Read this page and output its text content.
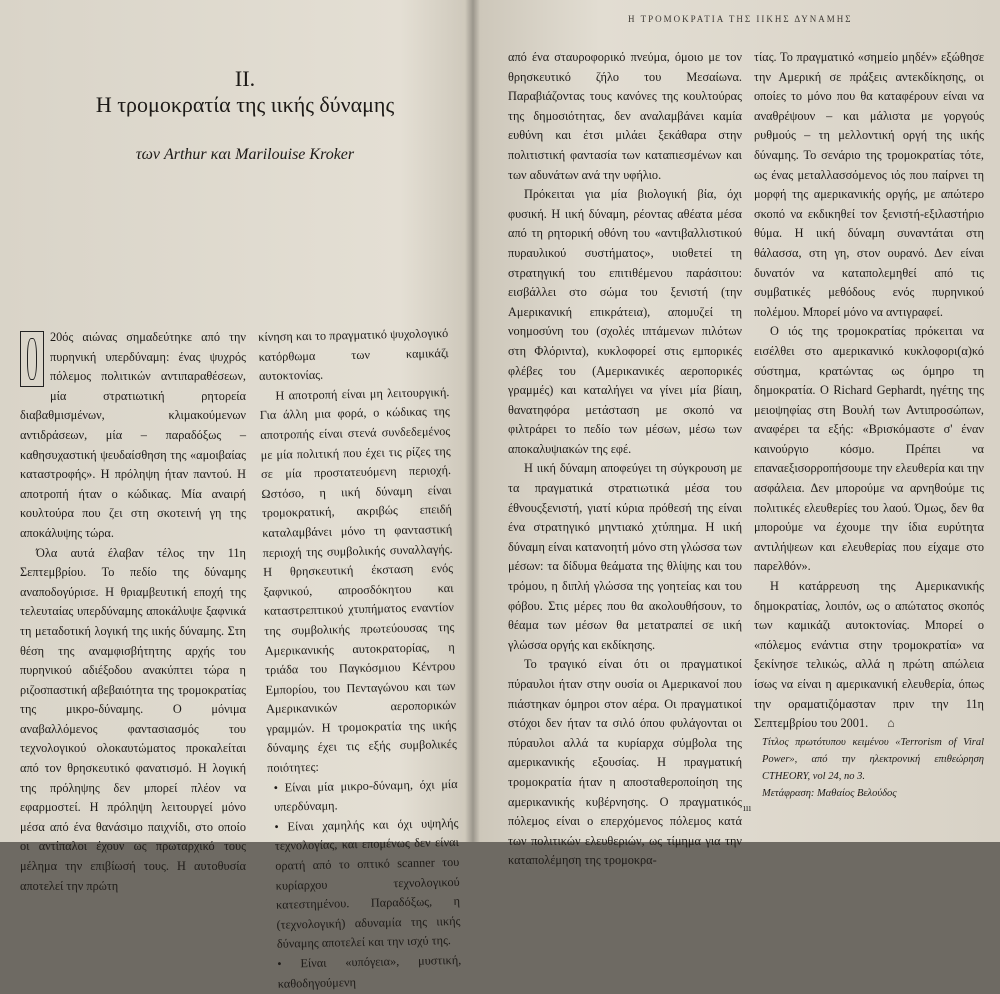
II.
Η τρομοκρατία της ιικής δύναμης
των Arthur και Marilouise Kroker

20ός αιώνας σημαδεύτηκε από την πυρηνική υπερδύναμη: ένας ψυχρός πόλεμος πολιτικών αντιπαραθέσεων, μία στρατιωτική ρητορεία διαβαθμισμένων, κλιμακούμενων αντιδράσεων, μία – παραδόξως – καθησυχαστική ψευδαίσθηση της «αμοιβαίας καταστροφής». Η πρόληψη ήταν παντού. Η αποτροπή ήταν ο κώδικας. Μία αναιρή κουλτούρα που ζει στη σκοτεινή γη της αποκάλυψης τώρα.

Όλα αυτά έλαβαν τέλος την 11η Σεπτεμβρίου. Το πεδίο της δύναμης αναποδογύρισε. Η θριαμβευτική εποχή της τελευταίας υπερδύναμης αποκάλυψε ξαφνικά τη μεταδοτική λογική της ιικής δύναμης. Στη θέση της αναμφισβήτητης αρχής του πυρηνικού αδιέξοδου ανακύπτει τώρα η ριζοσπαστική αβεβαιότητα της τρομοκρατίας της μικρο-δύναμης. Ο μόνιμα αναβαλλόμενος φαντασιασμός του τεχνολογικού ολοκαυτώματος προκαλείται από τον θρησκευτικό φανατισμό. Η λογική της πρόληψης δεν μπορεί πλέον να εφαρμοστεί. Η πρόληψη λειτουργεί μόνο μέσα από ένα θανάσιμο παιχνίδι, στο οποίο οι αντίπαλοι έχουν ως πρωταρχικό τους μέλημα την επιβίωσή τους. Η αυτοθυσία αποτελεί την πρώτη

κίνηση και το πραγματικό ψυχολογικό κατόρθωμα των καμικάζι αυτοκτονίας.

Η αποτροπή είναι μη λειτουργική. Για άλλη μια φορά, ο κώδικας της αποτροπής είναι στενά συνδεδεμένος με μία πολιτική που έχει τις ρίζες της σε μία προστατευόμενη περιοχή. Ωστόσο, η ιική δύναμη είναι τρομοκρατική, ακριβώς επειδή καταλαμβάνει μόνο τη φανταστική περιοχή της συμβολικής συναλλαγής. Η θρησκευτική έκσταση ενός ξαφνικού, απροσδόκητου και καταστρεπτικού χτυπήματος εναντίον της συμβολικής πρωτεύουσας της Αμερικανικής αυτοκρατορίας, η τριάδα του Παγκόσμιου Κέντρου Εμπορίου, του Πενταγώνου και των Αμερικανικών αεροπορικών γραμμών. Η τρομοκρατία της ιικής δύναμης έχει τις εξής συμβολικές ποιότητες:

• Είναι μία μικρο-δύναμη, όχι μία υπερδύναμη.

• Είναι χαμηλής και όχι υψηλής τεχνολογίας, και επομένως δεν είναι ορατή από το οπτικό scanner του κυρίαρχου τεχνολογικού κατεστημένου. Παραδόξως, η (τεχνολογική) αδυναμία της ιικής δύναμης αποτελεί και την ισχύ της.

• Είναι «υπόγεια», μυστική, καθοδηγούμενη

Η ΤΡΟΜΟΚΡΑΤΙΑ ΤΗΣ ΙΙΚΗΣ ΔΥΝΑΜΗΣ

από ένα σταυροφορικό πνεύμα, όμοιο με τον θρησκευτικό ζήλο του Μεσαίωνα. Παραβιάζοντας τους κανόνες της κουλτούρας της δημοσιότητας, δεν αναλαμβάνει καμία ευθύνη και έτσι μιλάει ξεκάθαρα στην πολιτιστική φαντασία των καταπιεσμένων και των αδυνάτων ανά την υφήλιο.

Πρόκειται για μία βιολογική βία, όχι φυσική. Η ιική δύναμη, ρέοντας αθέατα μέσα από τη ρητορική οθόνη του «αντιβαλλιστικού πυραυλικού συστήματος», υιοθετεί τη στρατηγική του επιτιθέμενου παράσιτου: εισβάλλει στο σώμα του ξενιστή (την Αμερικανική επικράτεια), απομυζεί τη νοημοσύνη του (σχολές ιπτάμενων πιλότων στη Φλόριντα), κυκλοφορεί στις εμπορικές φλέβες του (Αμερικανικές αεροπορικές γραμμές) και καταλήγει να γίνει μία βίαιη, θανατηφόρα μετάσταση με σκοπό να φιλτράρει το πεδίο των μέσων, μέσω των αποκαλυψιακών της εφέ.

Η ιική δύναμη αποφεύγει τη σύγκρουση με τα πραγματικά στρατιωτικά μέσα του έθνουςξενιστή, γιατί κύρια πρόθεσή της είναι ένα στρατηγικό μηντιακό χτύπημα. Η ιική δύναμη είναι κατανοητή μόνο στη γλώσσα των μέσων: τα δίδυμα θεάματα της θλίψης και του τρόμου, η διπλή γλώσσα της γοητείας και του φόβου. Στις μέρες που θα ακολουθήσουν, το θέαμα των μέσων θα μετατραπεί σε ιική γλώσσα οργής και εκδίκησης.

Το τραγικό είναι ότι οι πραγματικοί πύραυλοι ήταν στην ουσία οι Αμερικανοί που πιάστηκαν όμηροι στον αέρα. Οι πραγματικοί στόχοι δεν ήταν τα σιλό όπου φυλάγονται οι πύραυλοι αλλά τα κυρίαρχα σύμβολα της αμερικανικής εξουσίας. Η πραγματική τρομοκρατία ήταν η αποσταθεροποίηση της αμερικανικής κυβέρνησης. Ο πραγματικός πόλεμος είναι ο επερχόμενος πόλεμος κατά των πολιτικών ελευθεριών, ως τίμημα για την καταπολέμηση της τρομοκρα-

τίας. Το πραγματικό «σημείο μηδέν» εξώθησε την Αμερική σε πράξεις αντεκδίκησης, οι οποίες το μόνο που θα καταφέρουν είναι να αναθρέψουν – και μάλιστα με γοργούς ρυθμούς – τη μελλοντική οργή της ιικής δύναμης. Το σενάριο της τρομοκρατίας τότε, ως ένας μεταλλασσόμενος ιός που παίρνει τη μορφή της αμερικανικής οργής, με απώτερο σκοπό να εκδικηθεί τον ξενιστή-εξιλαστήριο θύμα. Η ιική δύναμη συναντάται στη θάλασσα, στη γη, στον ουρανό. Δεν είναι δυνατόν να καταπολεμηθεί από τις συμβατικές μεθόδους ενός πυρηνικού πολέμου. Μπορεί μόνο να αντιγραφεί.

Ο ιός της τρομοκρατίας πρόκειται να εισέλθει στο αμερικανικό κυκλοφορι(α)κό σύστημα, κρατώντας ως όμηρο τη δημοκρατία. Ο Richard Gephardt, ηγέτης της μειοψηφίας στη Βουλή των Αντιπροσώπων, αναφέρει τα εξής: «Βρισκόμαστε σ' έναν καινούργιο κόσμο. Πρέπει να επαναεξισορροπήσουμε την ελευθερία και την ασφάλεια. Δεν μπορούμε να αρνηθούμε τις πολιτικές ελευθερίες του λαού. Όμως, δεν θα μπορούμε να έχουμε την ίδια ευρύτητα αντιλήψεων και ελευθερίας που είχαμε στο παρελθόν».

Η κατάρρευση της Αμερικανικής δημοκρατίας, λοιπόν, ως ο απώτατος σκοπός των καμικάζι αυτοκτονίας. Μπορεί ο «πόλεμος ενάντια στην τρομοκρατία» να ξεκίνησε τελικώς, αλλά η πρώτη απώλεια ίσως να είναι η αμερικανική ελευθερία, όπως την οραματιζόμασταν πριν την 11η Σεπτεμβρίου του 2001. ⌂

Τίτλος πρωτότυπου κειμένου «Terrorism of Viral Power», από την ηλεκτρονική επιθεώρηση CTHEORY, vol 24, no 3.

Μετάφραση: Μαθαίος Βελούδος

ııı
